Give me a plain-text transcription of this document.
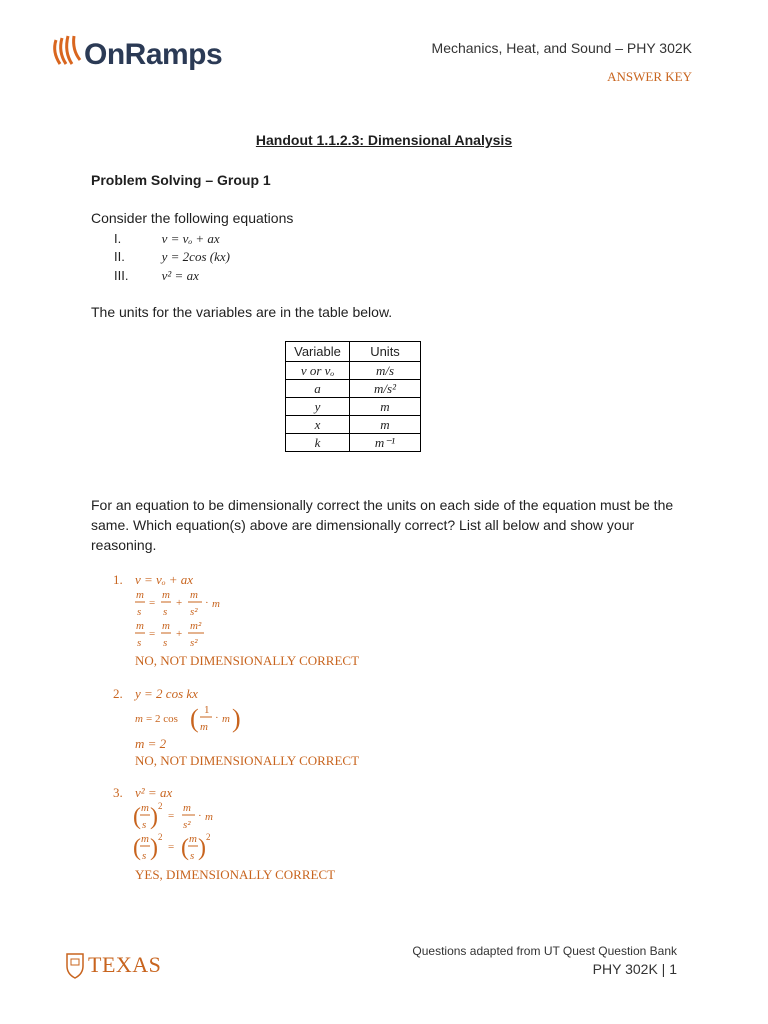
OnRamps	Mechanics, Heat, and Sound – PHY 302K
ANSWER KEY
Handout 1.1.2.3: Dimensional Analysis
Problem Solving – Group 1
Consider the following equations
I.	v = vₒ + ax
II.	y = 2cos (kx)
III.	v² = ax
The units for the variables are in the table below.
Variable	Units
v or vₒ	m/s
a	m/s²
y	m
x	m
k	m⁻¹
For an equation to be dimensionally correct the units on each side of the equation must be the same. Which equation(s) above are dimensionally correct? List all below and show your reasoning.
1. v = vₒ + ax
m
s
=
m
s
+
m
s²
· m
m
s
=
m
s
+
m²
s²
NO, NOT DIMENSIONALLY CORRECT
2. y = 2 cos kx
m = 2 cos ( 1
m
· m )
m = 2
NO, NOT DIMENSIONALLY CORRECT
3. v² = ax
( m
s ) 2
=
m
s²
· m
( m
s ) 2
= ( m
s ) 2
YES, DIMENSIONALLY CORRECT
TEXAS
Questions adapted from UT Quest Question Bank
PHY 302K | 1
